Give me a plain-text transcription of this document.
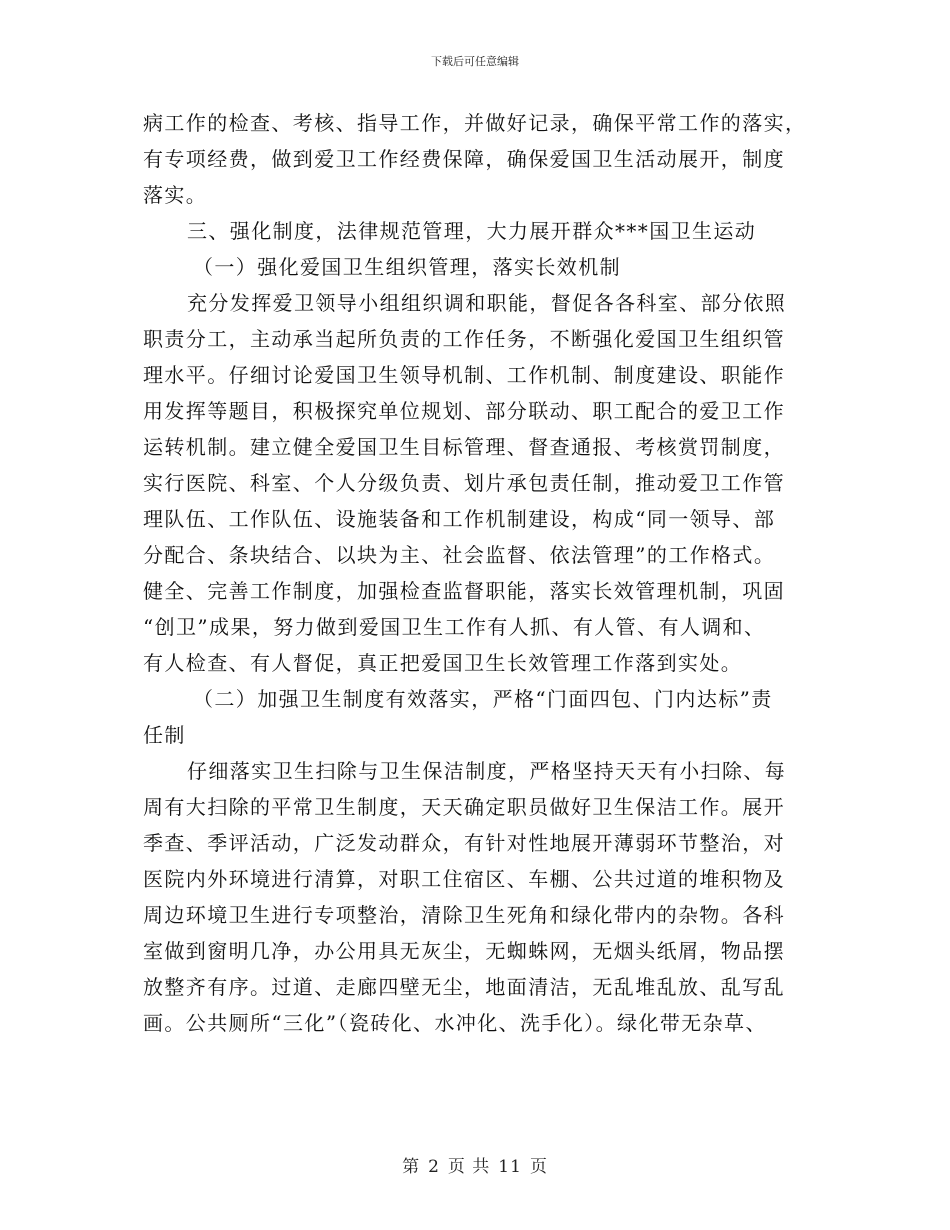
下载后可任意编辑
病工作的检查、考核、指导工作，并做好记录，确保平常工作的落实，
有专项经费，做到爱卫工作经费保障，确保爱国卫生活动展开，制度
落实。
三、强化制度，法律规范管理，大力展开群众***国卫生运动
（一）强化爱国卫生组织管理，落实长效机制
充分发挥爱卫领导小组组织调和职能，督促各各科室、部分依照
职责分工，主动承当起所负责的工作任务，不断强化爱国卫生组织管
理水平。仔细讨论爱国卫生领导机制、工作机制、制度建设、职能作
用发挥等题目，积极探究单位规划、部分联动、职工配合的爱卫工作
运转机制。建立健全爱国卫生目标管理、督查通报、考核赏罚制度，
实行医院、科室、个人分级负责、划片承包责任制，推动爱卫工作管
理队伍、工作队伍、设施装备和工作机制建设，构成“同一领导、部
分配合、条块结合、以块为主、社会监督、依法管理”的工作格式。
健全、完善工作制度，加强检查监督职能，落实长效管理机制，巩固
“创卫”成果，努力做到爱国卫生工作有人抓、有人管、有人调和、
有人检查、有人督促，真正把爱国卫生长效管理工作落到实处。
（二）加强卫生制度有效落实，严格“门面四包、门内达标”责
任制
仔细落实卫生扫除与卫生保洁制度，严格坚持天天有小扫除、每
周有大扫除的平常卫生制度，天天确定职员做好卫生保洁工作。展开
季查、季评活动，广泛发动群众，有针对性地展开薄弱环节整治，对
医院内外环境进行清算，对职工住宿区、车棚、公共过道的堆积物及
周边环境卫生进行专项整治，清除卫生死角和绿化带内的杂物。各科
室做到窗明几净，办公用具无灰尘，无蜘蛛网，无烟头纸屑，物品摆
放整齐有序。过道、走廊四壁无尘，地面清洁，无乱堆乱放、乱写乱
画。公共厕所“三化”（瓷砖化、水冲化、洗手化）。绿化带无杂草、
第 2 页 共 11 页
